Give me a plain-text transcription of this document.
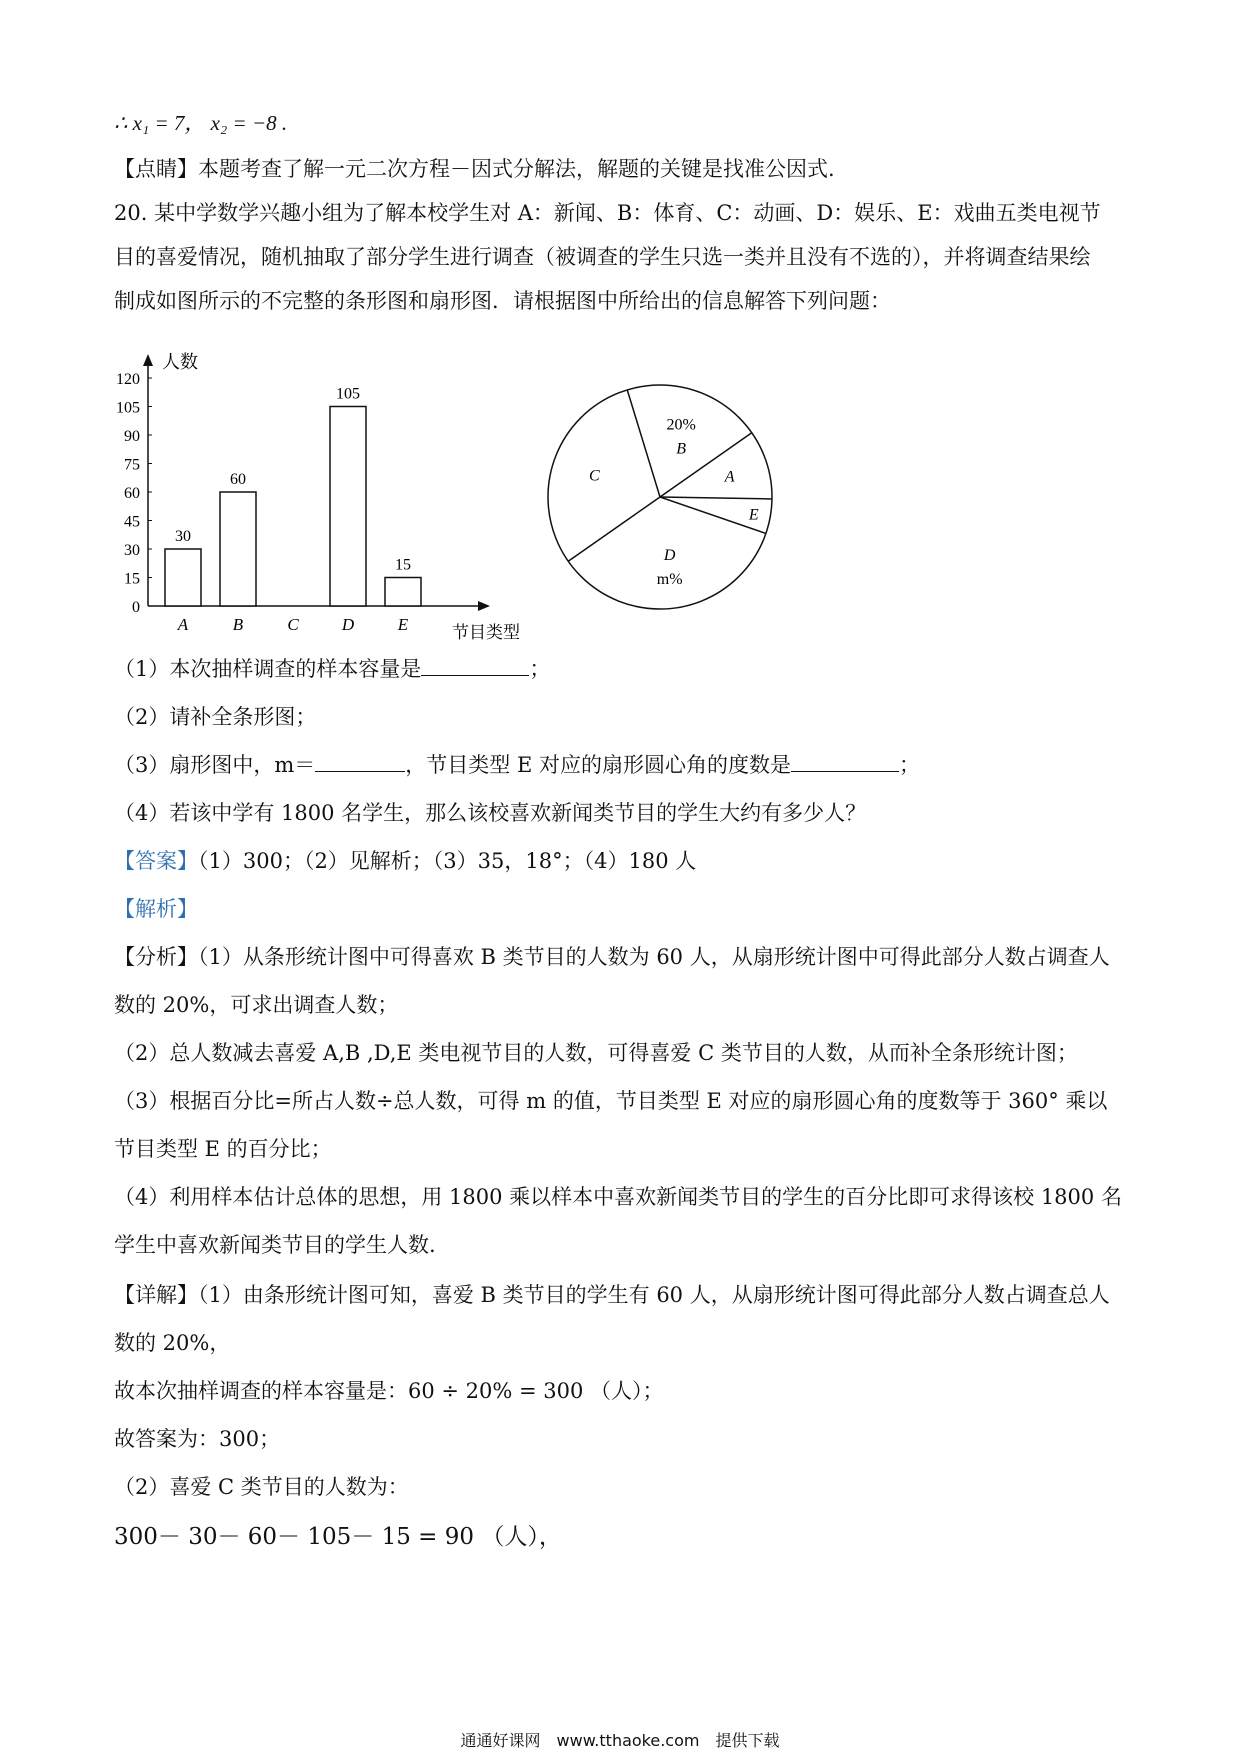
∴ x₁ = 7， x₂ = −8 .
【点睛】本题考查了解一元二次方程－因式分解法，解题的关键是找准公因式.
20. 某中学数学兴趣小组为了解本校学生对 A：新闻、B：体育、C：动画、D：娱乐、E：戏曲五类电视节
目的喜爱情况，随机抽取了部分学生进行调查（被调查的学生只选一类并且没有不选的），并将调查结果绘
制成如图所示的不完整的条形图和扇形图．请根据图中所给出的信息解答下列问题：
人数
节目类型
0
15
30
45
60
75
90
105
120
30
A
60
B	C
105
D
15
E
20%
B
A
E
D
m%
C
（1）本次抽样调查的样本容量是	；
（2）请补全条形图；
（3）扇形图中，m＝	，节目类型 E 对应的扇形圆心角的度数是	；
（4）若该中学有 1800 名学生，那么该校喜欢新闻类节目的学生大约有多少人？
【答案】（1）300；（2）见解析；（3）35，18°；（4）180 人
【解析】
【分析】（1）从条形统计图中可得喜欢 B 类节目的人数为 60 人，从扇形统计图中可得此部分人数占调查人
数的 20%，可求出调查人数；
（2）总人数减去喜爱 A,B ,D,E 类电视节目的人数，可得喜爱 C 类节目的人数，从而补全条形统计图；
（3）根据百分比=所占人数÷总人数，可得 m 的值，节目类型 E 对应的扇形圆心角的度数等于 360° 乘以
节目类型 E 的百分比；
（4）利用样本估计总体的思想，用 1800 乘以样本中喜欢新闻类节目的学生的百分比即可求得该校 1800 名
学生中喜欢新闻类节目的学生人数.
【详解】（1）由条形统计图可知，喜爱 B 类节目的学生有 60 人，从扇形统计图可得此部分人数占调查总人
数的 20%，
故本次抽样调查的样本容量是：60 ÷ 20% = 300 （人）；
故答案为：300；
（2）喜爱 C 类节目的人数为：
300－ 30－ 60－ 105－ 15 = 90 （人），
通通好课网　www.tthaoke.com　提供下载
